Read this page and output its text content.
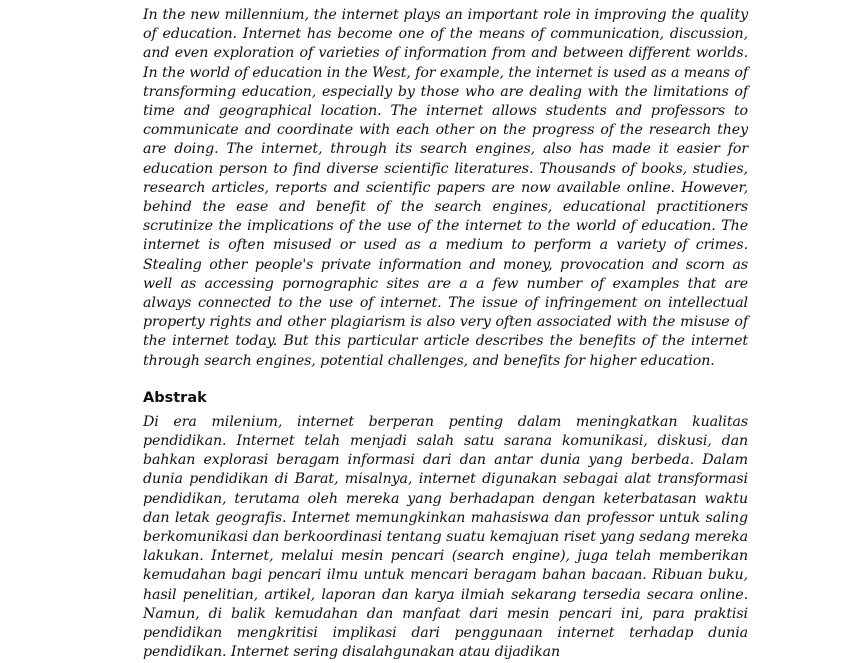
In the new millennium, the internet plays an important role in improving the quality of education. Internet has become one of the means of communication, discussion, and even exploration of varieties of information from and between different worlds. In the world of education in the West, for example, the internet is used as a means of transforming education, especially by those who are dealing with the limitations of time and geographical location. The internet allows students and professors to communicate and coordinate with each other on the progress of the research they are doing. The internet, through its search engines, also has made it easier for education person to find diverse scientific literatures. Thousands of books, studies, research articles, reports and scientific papers are now available online. However, behind the ease and benefit of the search engines, educational practitioners scrutinize the implications of the use of the internet to the world of education. The internet is often misused or used as a medium to perform a variety of crimes. Stealing other people's private information and money, provocation and scorn as well as accessing pornographic sites are a a few number of examples that are always connected to the use of internet. The issue of infringement on intellectual property rights and other plagiarism is also very often associated with the misuse of the internet today. But this particular article describes the benefits of the internet through search engines, potential challenges, and benefits for higher education.

Abstrak

Di era milenium, internet berperan penting dalam meningkatkan kualitas pendidikan. Internet telah menjadi salah satu sarana komunikasi, diskusi, dan bahkan explorasi beragam informasi dari dan antar dunia yang berbeda. Dalam dunia pendidikan di Barat, misalnya, internet digunakan sebagai alat transformasi pendidikan, terutama oleh mereka yang berhadapan dengan keterbatasan waktu dan letak geografis. Internet memungkinkan mahasiswa dan professor untuk saling berkomunikasi dan berkoordinasi tentang suatu kemajuan riset yang sedang mereka lakukan. Internet, melalui mesin pencari (search engine), juga telah memberikan kemudahan bagi pencari ilmu untuk mencari beragam bahan bacaan. Ribuan buku, hasil penelitian, artikel, laporan dan karya ilmiah sekarang tersedia secara online. Namun, di balik kemudahan dan manfaat dari mesin pencari ini, para praktisi pendidikan mengkritisi implikasi dari penggunaan internet terhadap dunia pendidikan. Internet sering disalahgunakan atau dijadikan
